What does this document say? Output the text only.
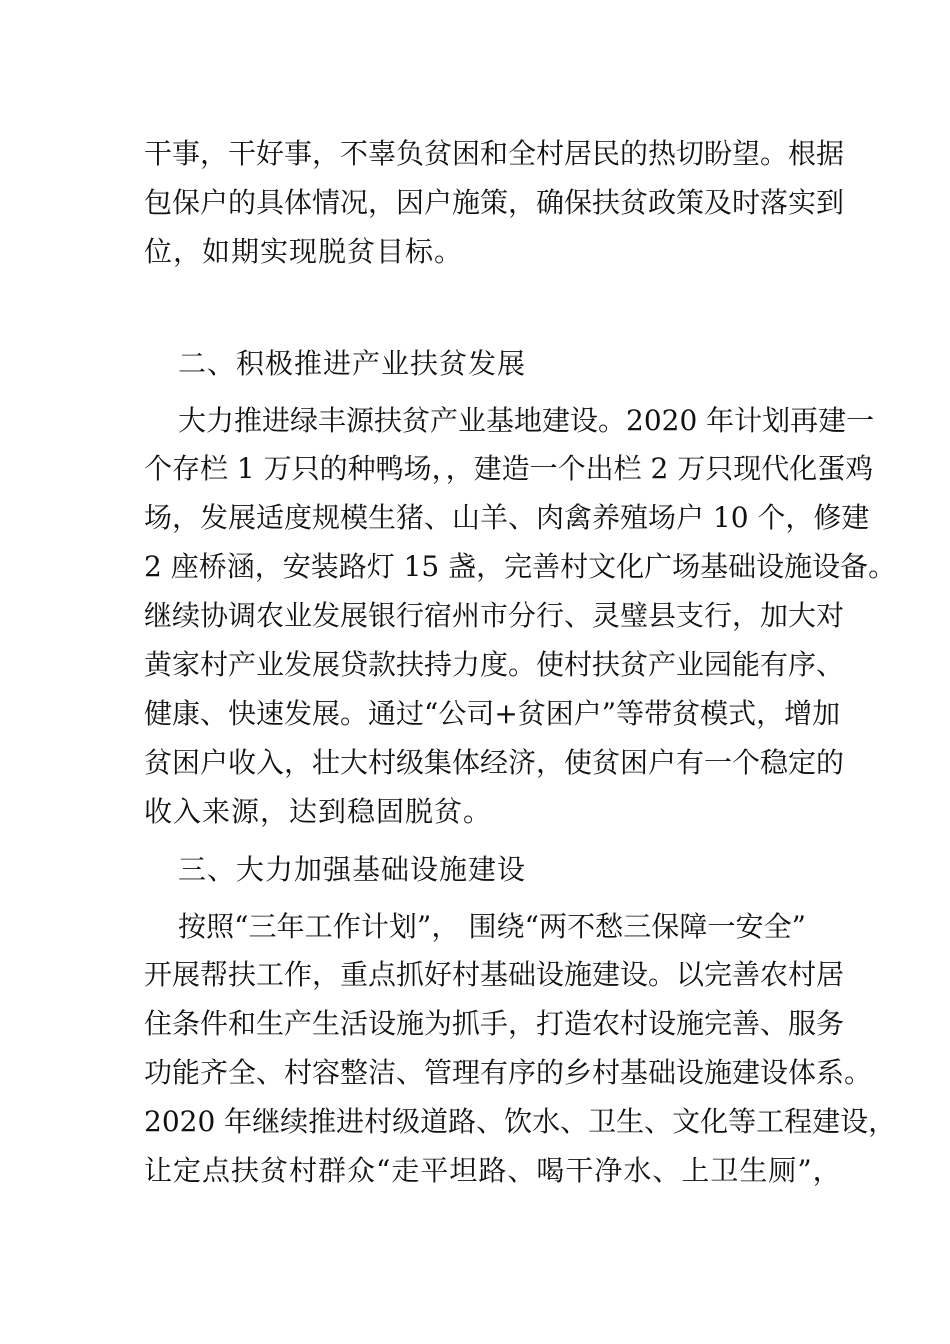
干事，干好事，不辜负贫困和全村居民的热切盼望。根据
包保户的具体情况，因户施策，确保扶贫政策及时落实到
位，如期实现脱贫目标。
二、积极推进产业扶贫发展
大力推进绿丰源扶贫产业基地建设。2020 年计划再建一
个存栏 1 万只的种鸭场，，建造一个出栏 2 万只现代化蛋鸡
场，发展适度规模生猪、山羊、肉禽养殖场户 10 个，修建
2 座桥涵，安装路灯 15 盏，完善村文化广场基础设施设备。
继续协调农业发展银行宿州市分行、灵璧县支行，加大对
黄家村产业发展贷款扶持力度。使村扶贫产业园能有序、
健康、快速发展。通过“公司+贫困户”等带贫模式，增加
贫困户收入，壮大村级集体经济，使贫困户有一个稳定的
收入来源，达到稳固脱贫。
三、大力加强基础设施建设
按照“三年工作计划”， 围绕“两不愁三保障一安全”
开展帮扶工作，重点抓好村基础设施建设。以完善农村居
住条件和生产生活设施为抓手，打造农村设施完善、服务
功能齐全、村容整洁、管理有序的乡村基础设施建设体系。
2020 年继续推进村级道路、饮水、卫生、文化等工程建设，
让定点扶贫村群众“走平坦路、喝干净水、上卫生厕”，
